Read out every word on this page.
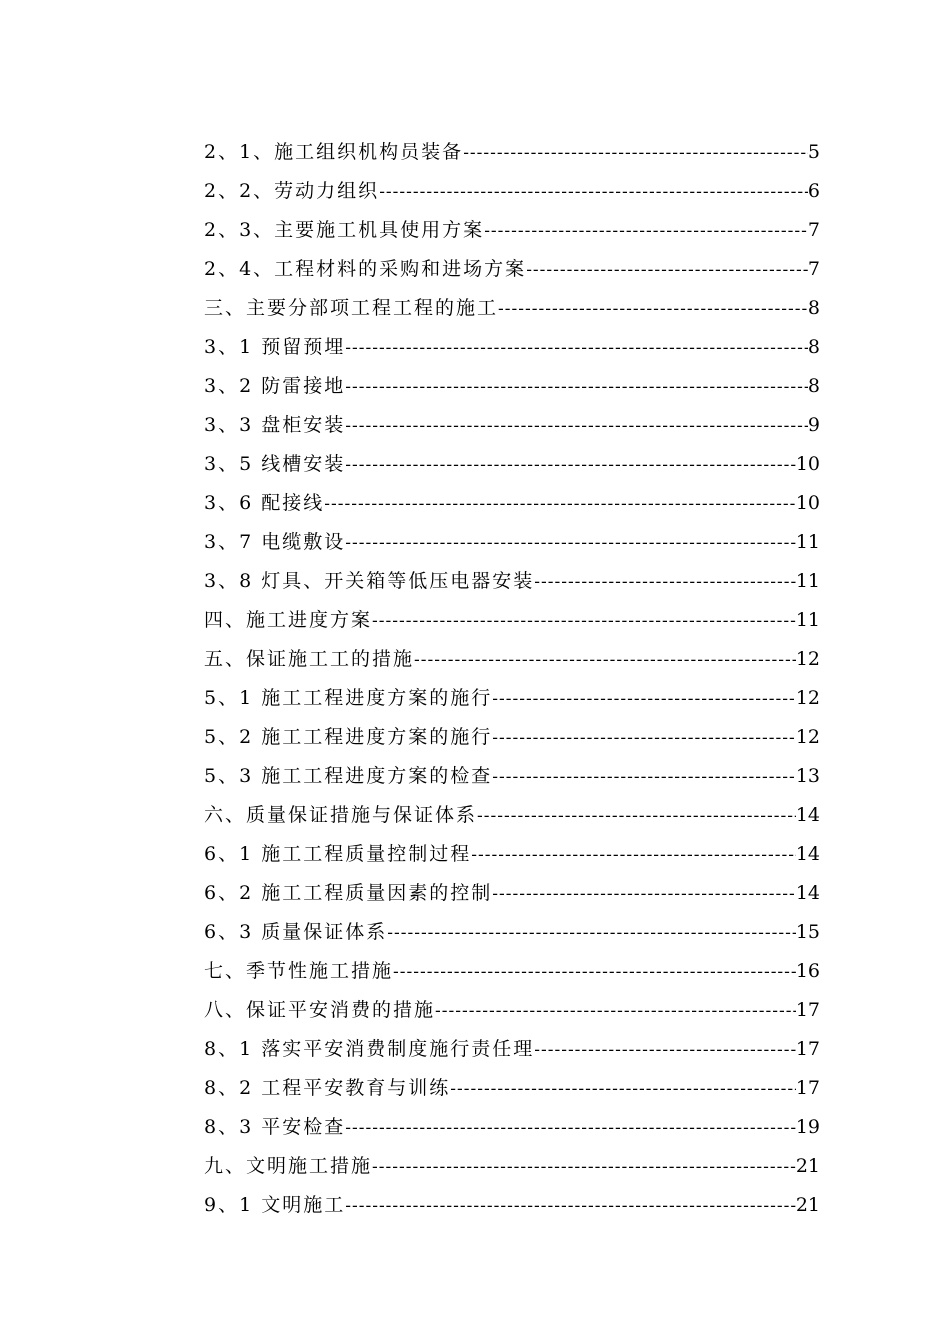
2、1、施工组织机构员装备 -----	5
2、2、劳动力组织 -----	6
2、3、主要施工机具使用方案 -----	7
2、4、工程材料的采购和进场方案 -----	7
三、主要分部项工程工程的施工 -----	8
3、1 预留预埋 -----	8
3、2 防雷接地 -----	8
3、3 盘柜安装 -----	9
3、5 线槽安装 -----	10
3、6 配接线 -----	10
3、7 电缆敷设 -----	11
3、8 灯具、开关箱等低压电器安装 -----	11
四、施工进度方案 -----	11
五、保证施工工的措施 -----	12
5、1 施工工程进度方案的施行 -----	12
5、2 施工工程进度方案的施行 -----	12
5、3 施工工程进度方案的检查 -----	13
六、质量保证措施与保证体系 -----	14
6、1 施工工程质量控制过程 -----	14
6、2 施工工程质量因素的控制 -----	14
6、3 质量保证体系 -----	15
七、季节性施工措施 -----	16
八、保证平安消费的措施 -----	17
8、1 落实平安消费制度施行责任理 -----	17
8、2 工程平安教育与训练 -----	17
8、3 平安检查 -----	19
九、文明施工措施 -----	21
9、1 文明施工 -----	21
